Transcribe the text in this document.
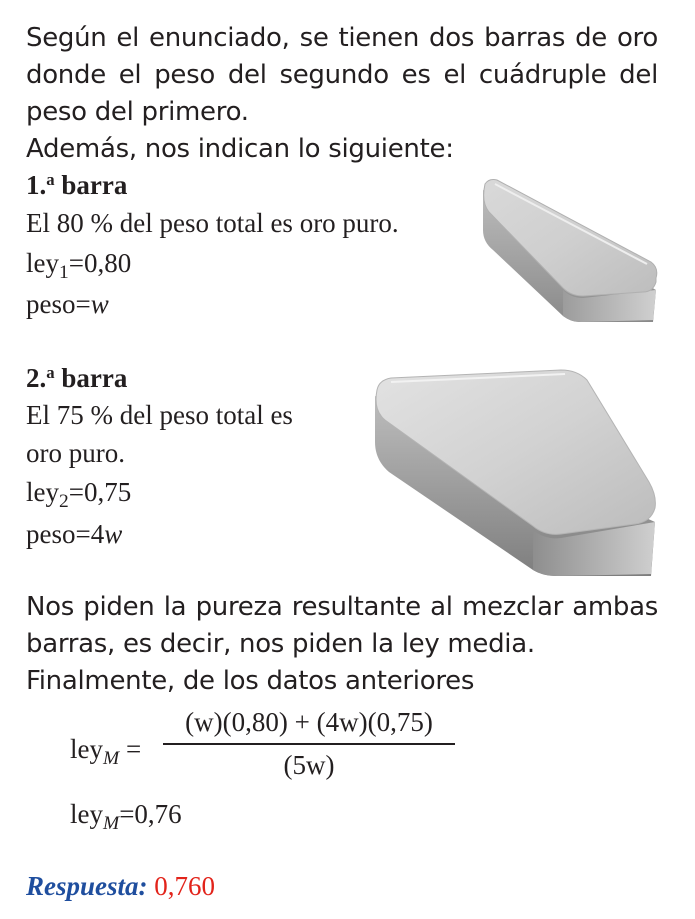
Según el enunciado, se tienen dos barras de oro donde el peso del segundo es el cuádruple del peso del primero.

Además, nos indican lo siguiente:

1.$^a$ barra
El 80 % del peso total es oro puro.
ley$_1$=0,80
peso=w
2.$^a$ barra
El 75 % del peso total es
oro puro.
ley$_2$=0,75
peso=4w
Nos piden la pureza resultante al mezclar ambas barras, es decir, nos piden la ley media.
Finalmente, de los datos anteriores
ley$_M$ =
(w)(0,80) + (4w)(0,75)
(5w)
ley$_M$=0,76
Respuesta: 0,760
